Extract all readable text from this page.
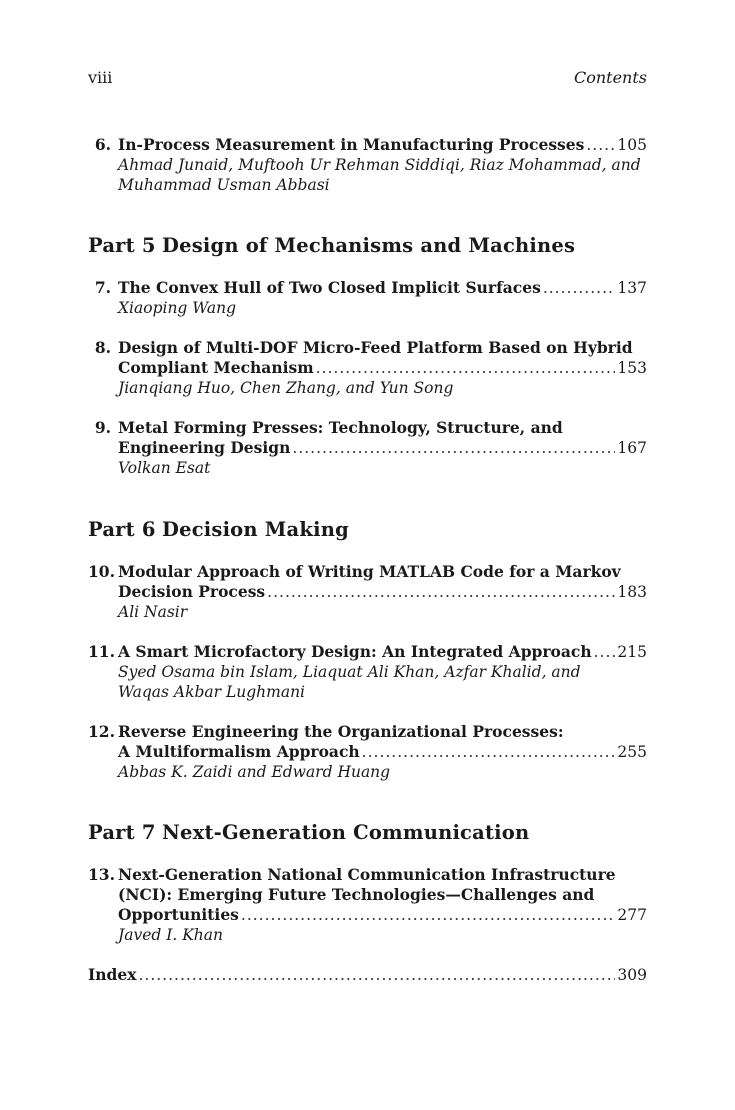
viii	Contents
6. In-Process Measurement in Manufacturing Processes ..... 105
Ahmad Junaid, Muftooh Ur Rehman Siddiqi, Riaz Mohammad, and
Muhammad Usman Abbasi
Part 5 Design of Mechanisms and Machines
7. The Convex Hull of Two Closed Implicit Surfaces .....	137
Xiaoping Wang
8. Design of Multi-DOF Micro-Feed Platform Based on Hybrid
Compliant Mechanism .....	153
Jianqiang Huo, Chen Zhang, and Yun Song
9. Metal Forming Presses: Technology, Structure, and
Engineering Design .....	167
Volkan Esat
Part 6 Decision Making
10. Modular Approach of Writing MATLAB Code for a Markov
Decision Process .....	183
Ali Nasir
11. A Smart Microfactory Design: An Integrated Approach ..... 215
Syed Osama bin Islam, Liaquat Ali Khan, Azfar Khalid, and
Waqas Akbar Lughmani
12. Reverse Engineering the Organizational Processes:
A Multiformalism Approach .....	255
Abbas K. Zaidi and Edward Huang
Part 7 Next-Generation Communication
13. Next-Generation National Communication Infrastructure
(NCI): Emerging Future Technologies—Challenges and
Opportunities .....	277
Javed I. Khan
Index .....	309
